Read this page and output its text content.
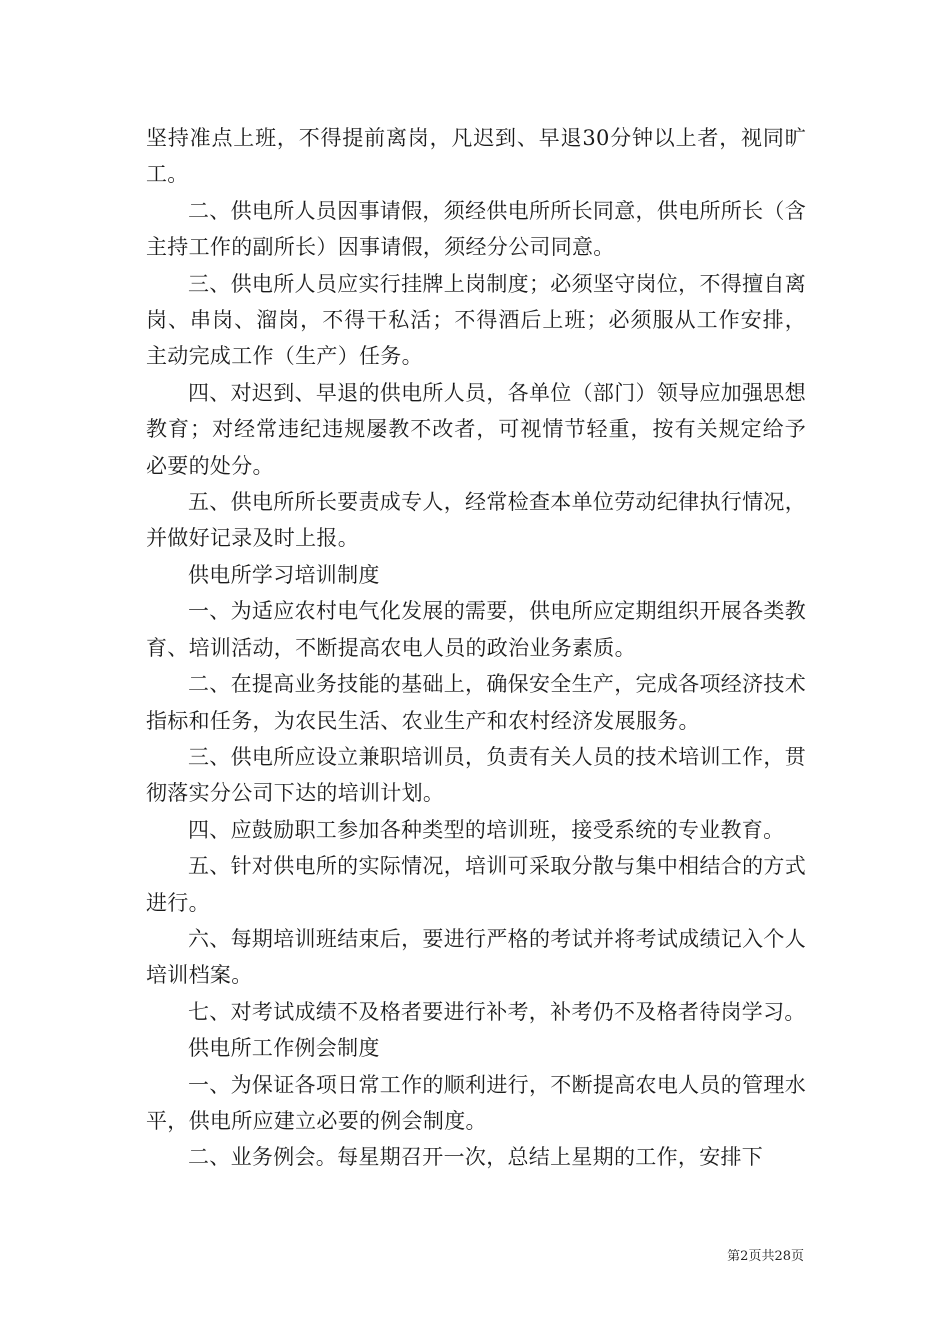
坚持准点上班，不得提前离岗，凡迟到、早退30分钟以上者，视同旷工。

二、供电所人员因事请假，须经供电所所长同意，供电所所长（含主持工作的副所长）因事请假，须经分公司同意。

三、供电所人员应实行挂牌上岗制度；必须坚守岗位，不得擅自离岗、串岗、溜岗，不得干私活；不得酒后上班；必须服从工作安排，主动完成工作（生产）任务。

四、对迟到、早退的供电所人员，各单位（部门）领导应加强思想教育；对经常违纪违规屡教不改者，可视情节轻重，按有关规定给予必要的处分。

五、供电所所长要责成专人，经常检查本单位劳动纪律执行情况，并做好记录及时上报。

供电所学习培训制度

一、为适应农村电气化发展的需要，供电所应定期组织开展各类教育、培训活动，不断提高农电人员的政治业务素质。

二、在提高业务技能的基础上，确保安全生产，完成各项经济技术指标和任务，为农民生活、农业生产和农村经济发展服务。

三、供电所应设立兼职培训员，负责有关人员的技术培训工作，贯彻落实分公司下达的培训计划。

四、应鼓励职工参加各种类型的培训班，接受系统的专业教育。

五、针对供电所的实际情况，培训可采取分散与集中相结合的方式进行。

六、每期培训班结束后，要进行严格的考试并将考试成绩记入个人培训档案。

七、对考试成绩不及格者要进行补考，补考仍不及格者待岗学习。

供电所工作例会制度

一、为保证各项日常工作的顺利进行，不断提高农电人员的管理水平，供电所应建立必要的例会制度。

二、业务例会。每星期召开一次，总结上星期的工作，安排下

第2页共28页
